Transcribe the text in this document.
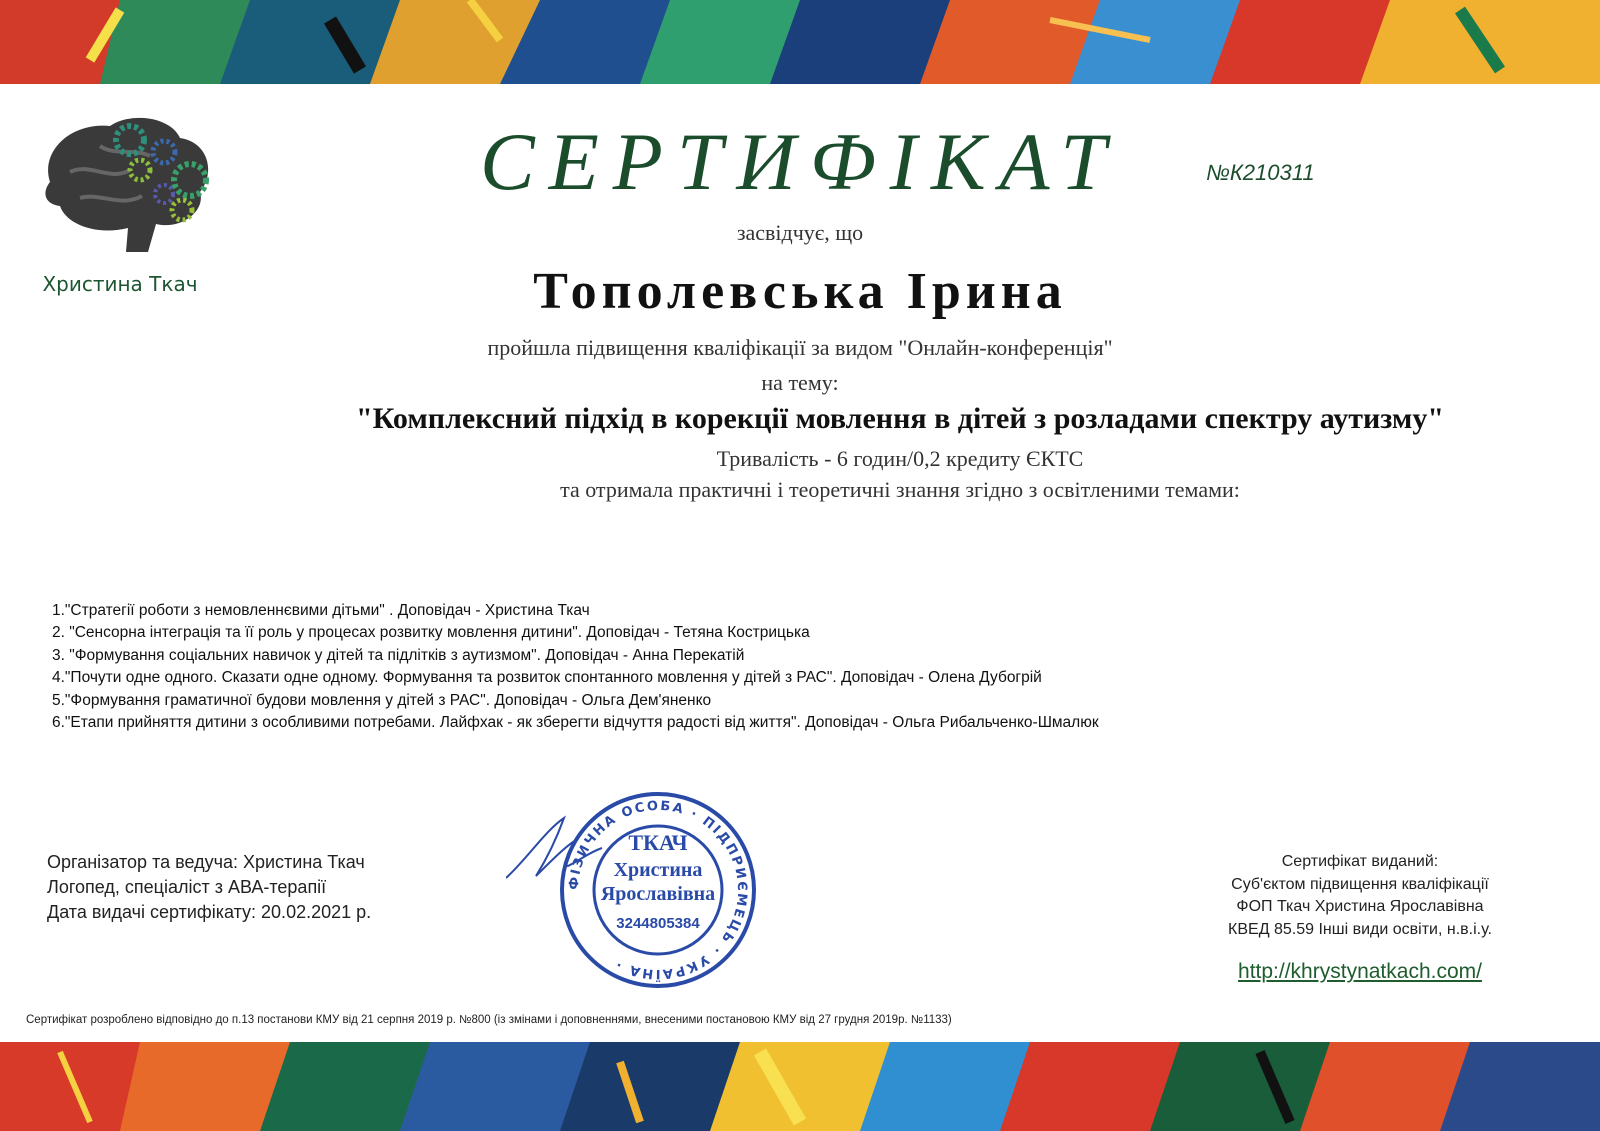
Христина Ткач
СЕРТИФІКАТ	№К210311
засвідчує, що
Тополевська Ірина
пройшла підвищення кваліфікації за видом "Онлайн-конференція"
на тему:
"Комплексний підхід в корекції мовлення в дітей з розладами спектру аутизму"
Тривалість - 6 годин/0,2 кредиту ЄКТС
та отримала практичні і теоретичні знання згідно з освітленими темами:
1."Стратегії роботи з немовленнєвими дітьми" . Доповідач - Христина Ткач
2. "Сенсорна інтеграція та її роль у процесах розвитку мовлення дитини". Доповідач - Тетяна Кострицька
3. "Формування соціальних навичок у дітей та підлітків з аутизмом". Доповідач - Анна Перекатій
4."Почути одне одного. Сказати одне одному. Формування та розвиток спонтанного мовлення у дітей з РАС". Доповідач - Олена Дубогрій
5."Формування граматичної будови мовлення у дітей з РАС". Доповідач - Ольга Дем'яненко
6."Етапи прийняття дитини з особливими потребами. Лайфхак - як зберегти відчуття радості від життя". Доповідач - Ольга Рибальченко-Шмалюк
Організатор та ведуча: Христина Ткач
Логопед, спеціаліст з АВА-терапії
Дата видачі сертифікату: 20.02.2021 р.
ФІЗИЧНА ОСОБА · ПІДПРИЄМЕЦЬ · УКРАЇНА ·
ТКАЧ
Христина
Ярославівна
3244805384
Сертифікат виданий:
Суб'єктом підвищення кваліфікації
ФОП Ткач Христина Ярославівна
КВЕД 85.59 Інші види освіти, н.в.і.у.
http://khrystynatkach.com/
Сертифікат розроблено відповідно до п.13 постанови КМУ від 21 серпня 2019 р. №800 (із змінами і доповненнями, внесеними постановою КМУ від 27 грудня 2019р. №1133)
